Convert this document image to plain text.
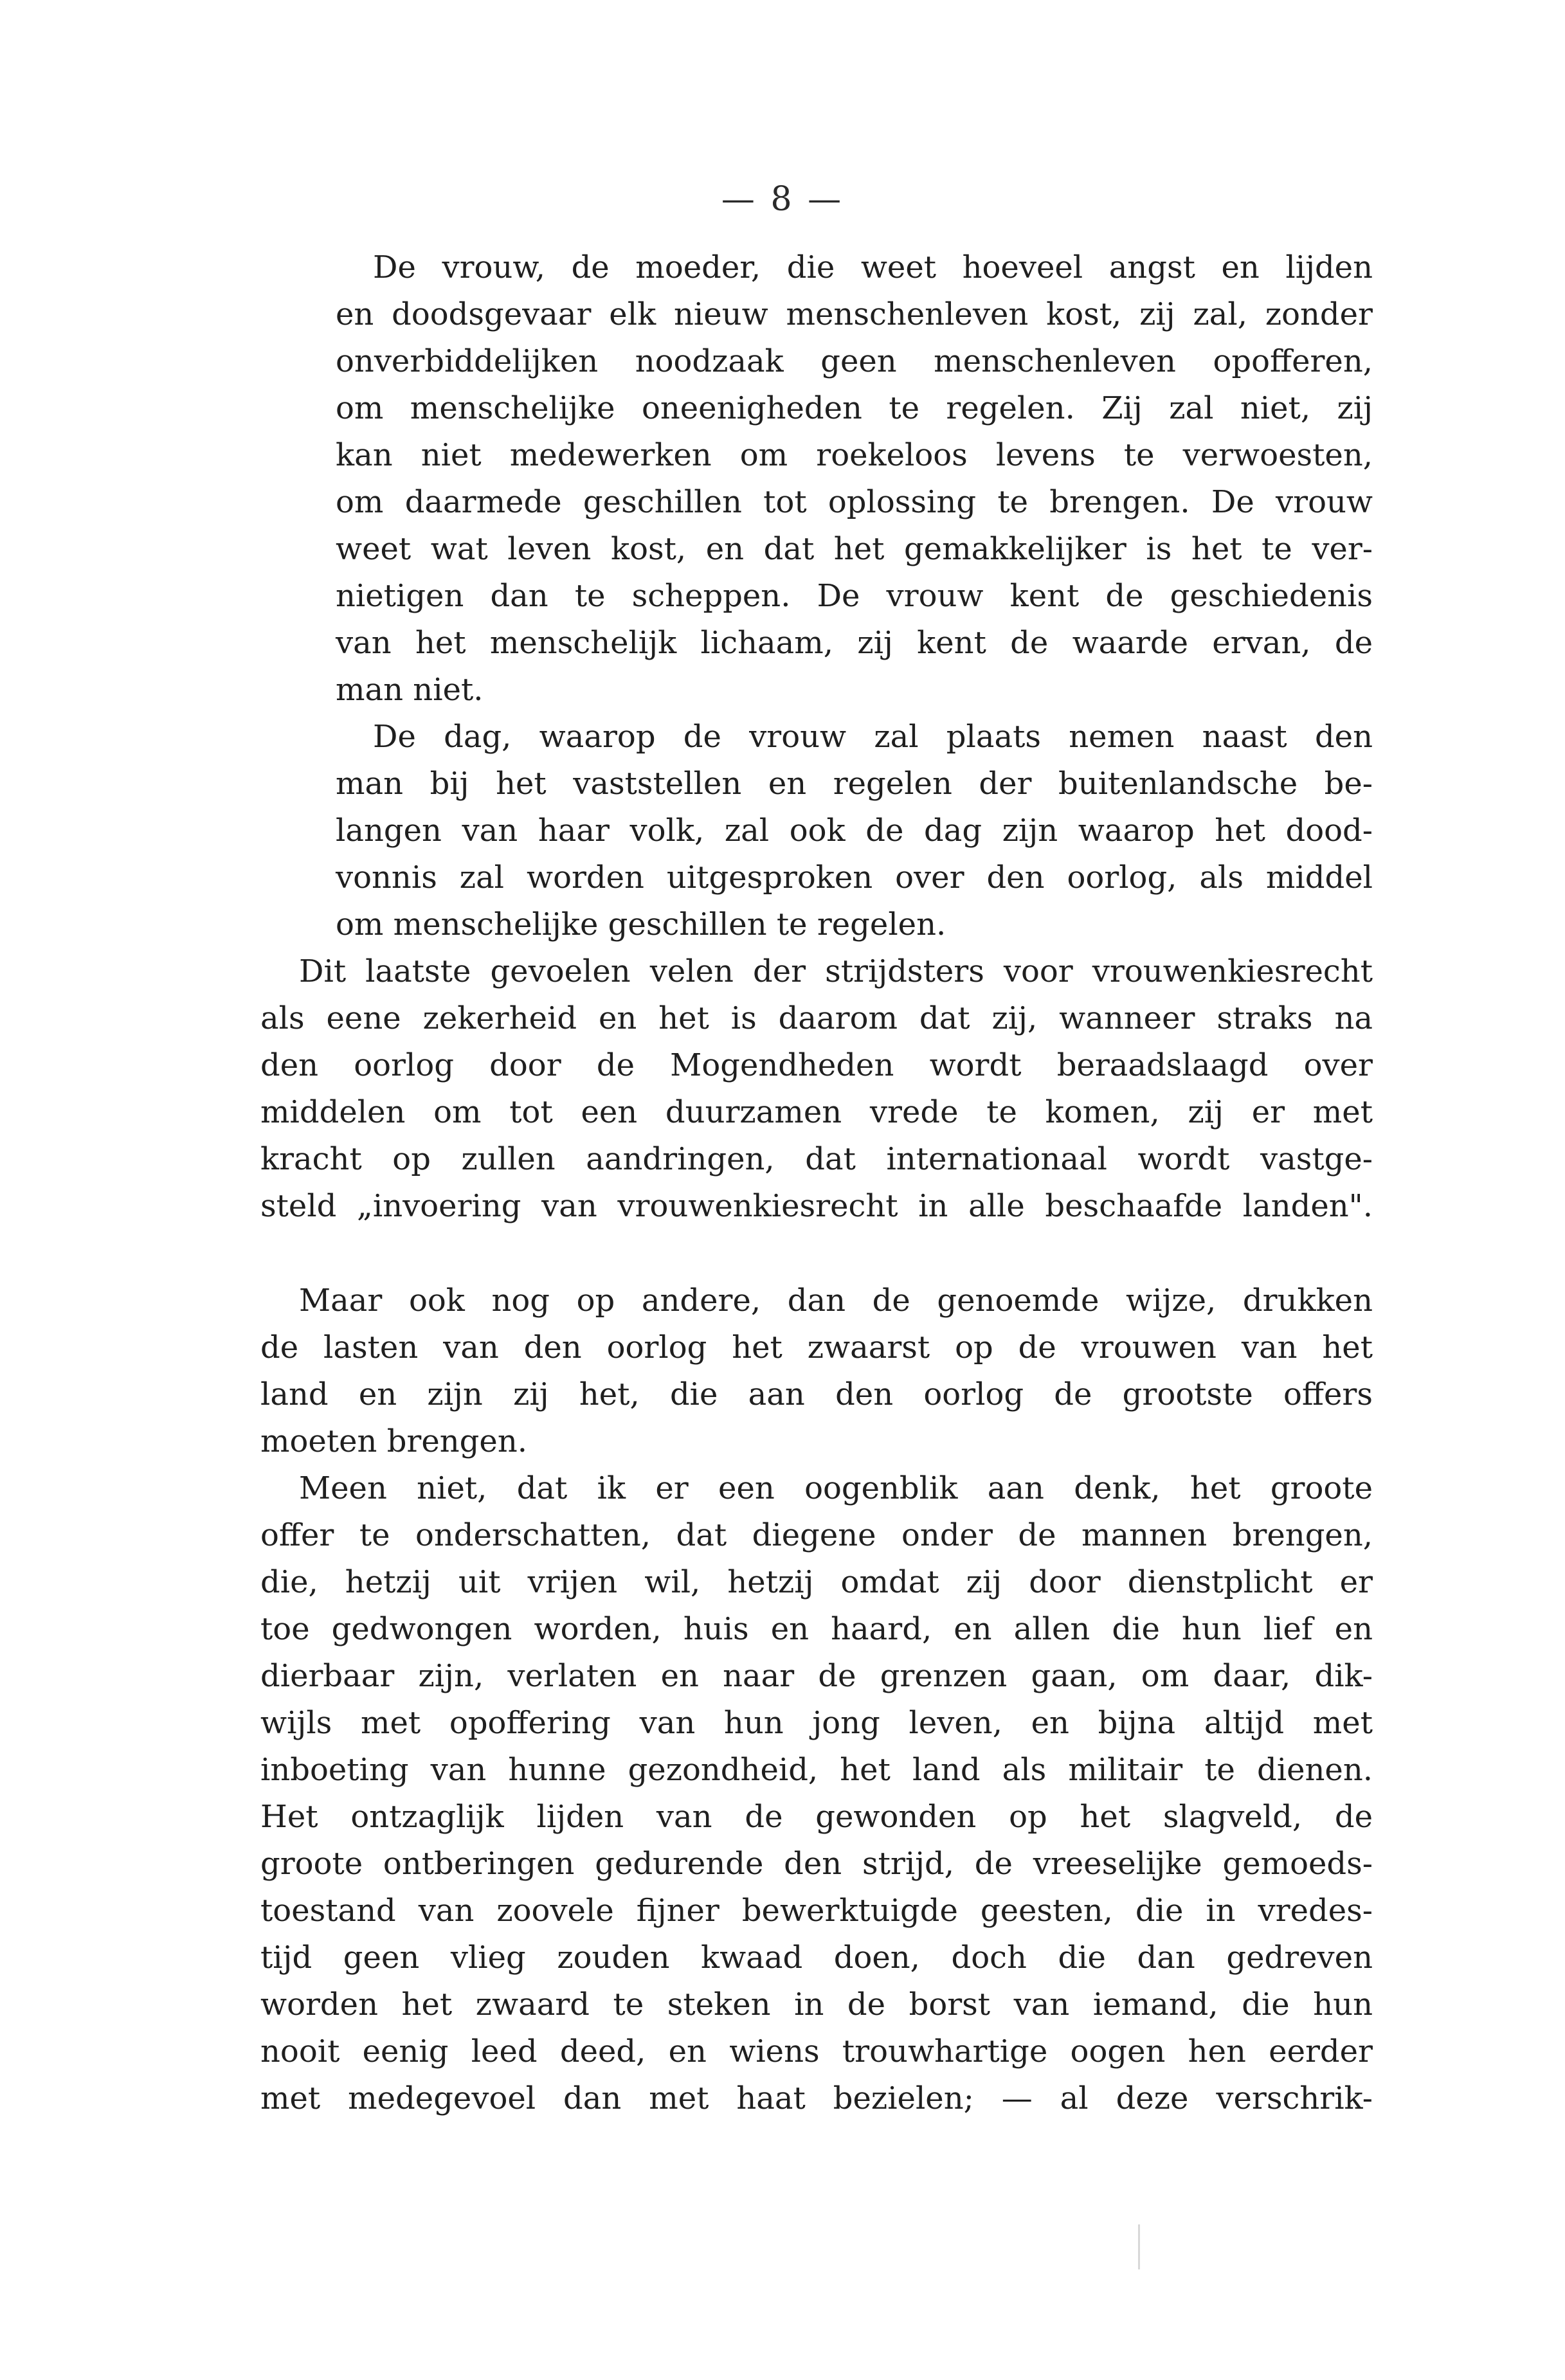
— 8 —
De vrouw, de moeder, die weet hoeveel angst en lijden
en doodsgevaar elk nieuw menschenleven kost, zij zal, zonder
onverbiddelijken noodzaak geen menschenleven opofferen,
om menschelijke oneenigheden te regelen. Zij zal niet, zij
kan niet medewerken om roekeloos levens te verwoesten,
om daarmede geschillen tot oplossing te brengen. De vrouw
weet wat leven kost, en dat het gemakkelijker is het te ver-
nietigen dan te scheppen. De vrouw kent de geschiedenis
van het menschelijk lichaam, zij kent de waarde ervan, de
man niet.
De dag, waarop de vrouw zal plaats nemen naast den
man bij het vaststellen en regelen der buitenlandsche be-
langen van haar volk, zal ook de dag zijn waarop het dood-
vonnis zal worden uitgesproken over den oorlog, als middel
om menschelijke geschillen te regelen.
Dit laatste gevoelen velen der strijdsters voor vrouwenkiesrecht
als eene zekerheid en het is daarom dat zij, wanneer straks na
den oorlog door de Mogendheden wordt beraadslaagd over
middelen om tot een duurzamen vrede te komen, zij er met
kracht op zullen aandringen, dat internationaal wordt vastge-
steld „invoering van vrouwenkiesrecht in alle beschaafde landen".
Maar ook nog op andere, dan de genoemde wijze, drukken
de lasten van den oorlog het zwaarst op de vrouwen van het
land en zijn zij het, die aan den oorlog de grootste offers
moeten brengen.
Meen niet, dat ik er een oogenblik aan denk, het groote
offer te onderschatten, dat diegene onder de mannen brengen,
die, hetzij uit vrijen wil, hetzij omdat zij door dienstplicht er
toe gedwongen worden, huis en haard, en allen die hun lief en
dierbaar zijn, verlaten en naar de grenzen gaan, om daar, dik-
wijls met opoffering van hun jong leven, en bijna altijd met
inboeting van hunne gezondheid, het land als militair te dienen.
Het ontzaglijk lijden van de gewonden op het slagveld, de
groote ontberingen gedurende den strijd, de vreeselijke gemoeds-
toestand van zoovele fijner bewerktuigde geesten, die in vredes-
tijd geen vlieg zouden kwaad doen, doch die dan gedreven
worden het zwaard te steken in de borst van iemand, die hun
nooit eenig leed deed, en wiens trouwhartige oogen hen eerder
met medegevoel dan met haat bezielen; — al deze verschrik-
